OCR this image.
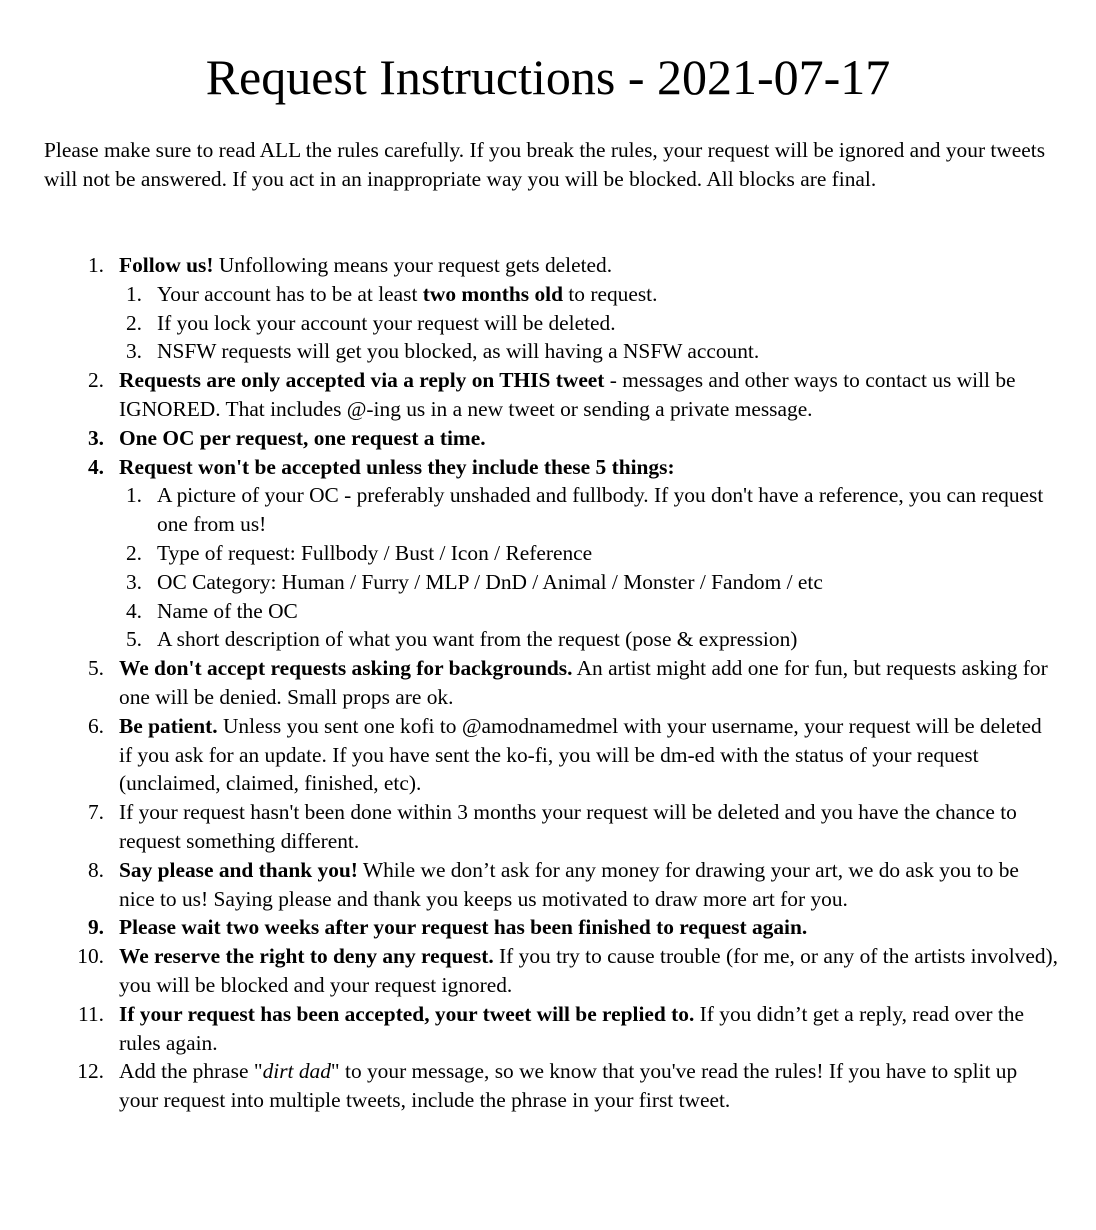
Request Instructions - 2021-07-17

Please make sure to read ALL the rules carefully. If you break the rules, your request will be ignored and your tweets will not be answered. If you act in an inappropriate way you will be blocked. All blocks are final.

1. Follow us! Unfollowing means your request gets deleted.
1. Your account has to be at least two months old to request.
2. If you lock your account your request will be deleted.
3. NSFW requests will get you blocked, as will having a NSFW account.
2. Requests are only accepted via a reply on THIS tweet - messages and other ways to contact us will be IGNORED. That includes @-ing us in a new tweet or sending a private message.
3. One OC per request, one request a time.
4. Request won't be accepted unless they include these 5 things:
1. A picture of your OC - preferably unshaded and fullbody. If you don't have a reference, you can request one from us!
2. Type of request: Fullbody / Bust / Icon / Reference
3. OC Category: Human / Furry / MLP / DnD / Animal / Monster / Fandom / etc
4. Name of the OC
5. A short description of what you want from the request (pose & expression)
5. We don't accept requests asking for backgrounds. An artist might add one for fun, but requests asking for one will be denied. Small props are ok.
6. Be patient. Unless you sent one kofi to @amodnamedmel with your username, your request will be deleted if you ask for an update. If you have sent the ko-fi, you will be dm-ed with the status of your request (unclaimed, claimed, finished, etc).
7. If your request hasn't been done within 3 months your request will be deleted and you have the chance to request something different.
8. Say please and thank you! While we don’t ask for any money for drawing your art, we do ask you to be nice to us! Saying please and thank you keeps us motivated to draw more art for you.
9. Please wait two weeks after your request has been finished to request again.
10. We reserve the right to deny any request. If you try to cause trouble (for me, or any of the artists involved), you will be blocked and your request ignored.
11. If your request has been accepted, your tweet will be replied to. If you didn’t get a reply, read over the rules again.
12. Add the phrase "dirt dad" to your message, so we know that you've read the rules! If you have to split up your request into multiple tweets, include the phrase in your first tweet.
